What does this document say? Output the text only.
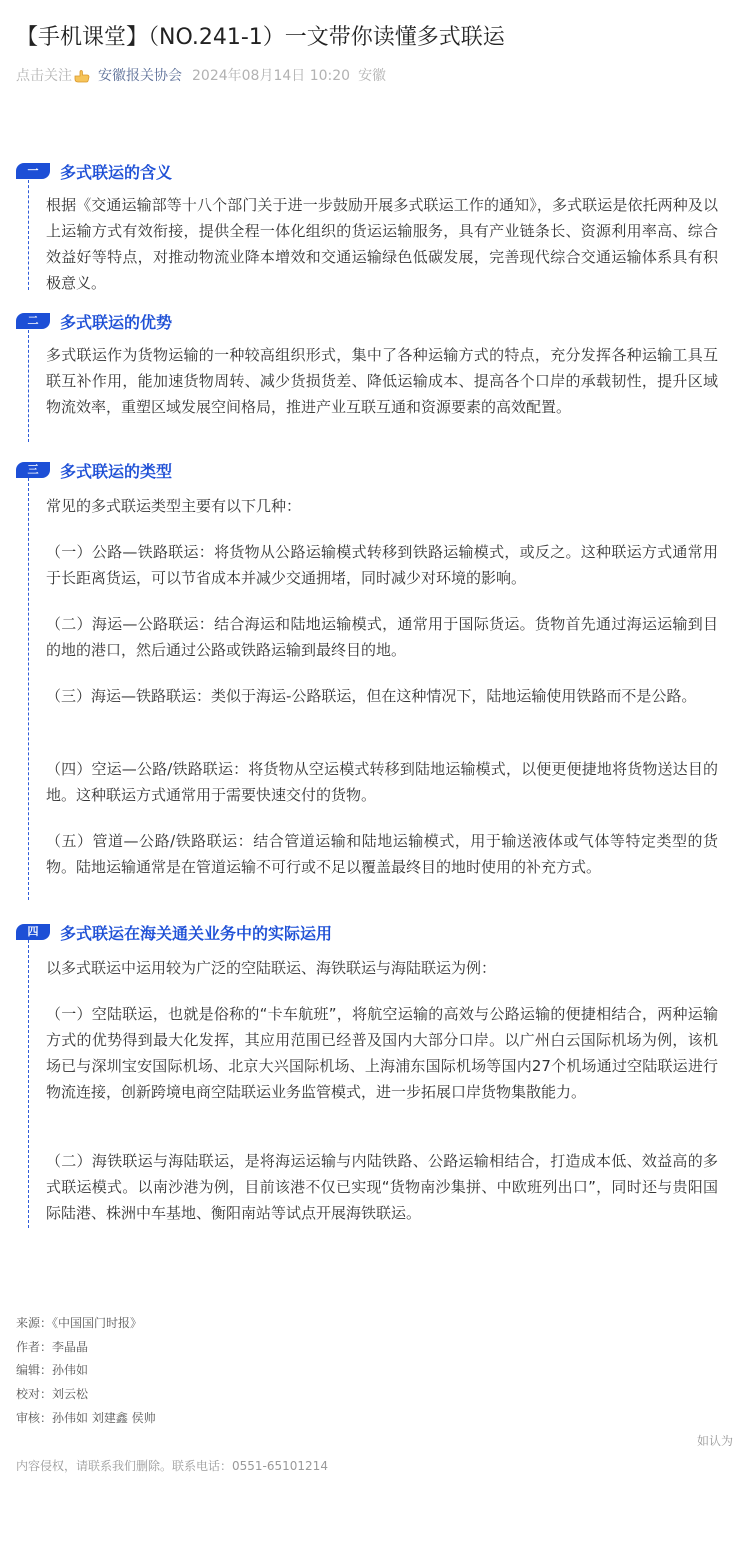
【手机课堂】（NO.241-1）一文带你读懂多式联运
点击关注 安徽报关协会 2024年08月14日 10:20 安徽
一	多式联运的含义
根据《交通运输部等十八个部门关于进一步鼓励开展多式联运工作的通知》，多式联运是依托两种及以上运输方式有效衔接，提供全程一体化组织的货运运输服务，具有产业链条长、资源利用率高、综合效益好等特点，对推动物流业降本增效和交通运输绿色低碳发展，完善现代综合交通运输体系具有积极意义。
二	多式联运的优势
多式联运作为货物运输的一种较高组织形式，集中了各种运输方式的特点，充分发挥各种运输工具互联互补作用，能加速货物周转、减少货损货差、降低运输成本、提高各个口岸的承载韧性，提升区域物流效率，重塑区域发展空间格局，推进产业互联互通和资源要素的高效配置。
三	多式联运的类型
常见的多式联运类型主要有以下几种：
（一）公路—铁路联运：将货物从公路运输模式转移到铁路运输模式，或反之。这种联运方式通常用于长距离货运，可以节省成本并减少交通拥堵，同时减少对环境的影响。
（二）海运—公路联运：结合海运和陆地运输模式，通常用于国际货运。货物首先通过海运运输到目的地的港口，然后通过公路或铁路运输到最终目的地。
（三）海运—铁路联运：类似于海运-公路联运，但在这种情况下，陆地运输使用铁路而不是公路。
（四）空运—公路/铁路联运：将货物从空运模式转移到陆地运输模式，以便更便捷地将货物送达目的地。这种联运方式通常用于需要快速交付的货物。
（五）管道—公路/铁路联运：结合管道运输和陆地运输模式，用于输送液体或气体等特定类型的货物。陆地运输通常是在管道运输不可行或不足以覆盖最终目的地时使用的补充方式。
四	多式联运在海关通关业务中的实际运用
以多式联运中运用较为广泛的空陆联运、海铁联运与海陆联运为例：
（一）空陆联运，也就是俗称的“卡车航班”，将航空运输的高效与公路运输的便捷相结合，两种运输方式的优势得到最大化发挥，其应用范围已经普及国内大部分口岸。以广州白云国际机场为例，该机场已与深圳宝安国际机场、北京大兴国际机场、上海浦东国际机场等国内27个机场通过空陆联运进行物流连接，创新跨境电商空陆联运业务监管模式，进一步拓展口岸货物集散能力。
（二）海铁联运与海陆联运，是将海运运输与内陆铁路、公路运输相结合，打造成本低、效益高的多式联运模式。以南沙港为例，目前该港不仅已实现“货物南沙集拼、中欧班列出口”，同时还与贵阳国际陆港、株洲中车基地、衡阳南站等试点开展海铁联运。
来源：《中国国门时报》
作者：李晶晶
编辑：孙伟如
校对：刘云松
审核：孙伟如 刘建鑫 侯帅
如认为
内容侵权，请联系我们删除。联系电话：0551-65101214
